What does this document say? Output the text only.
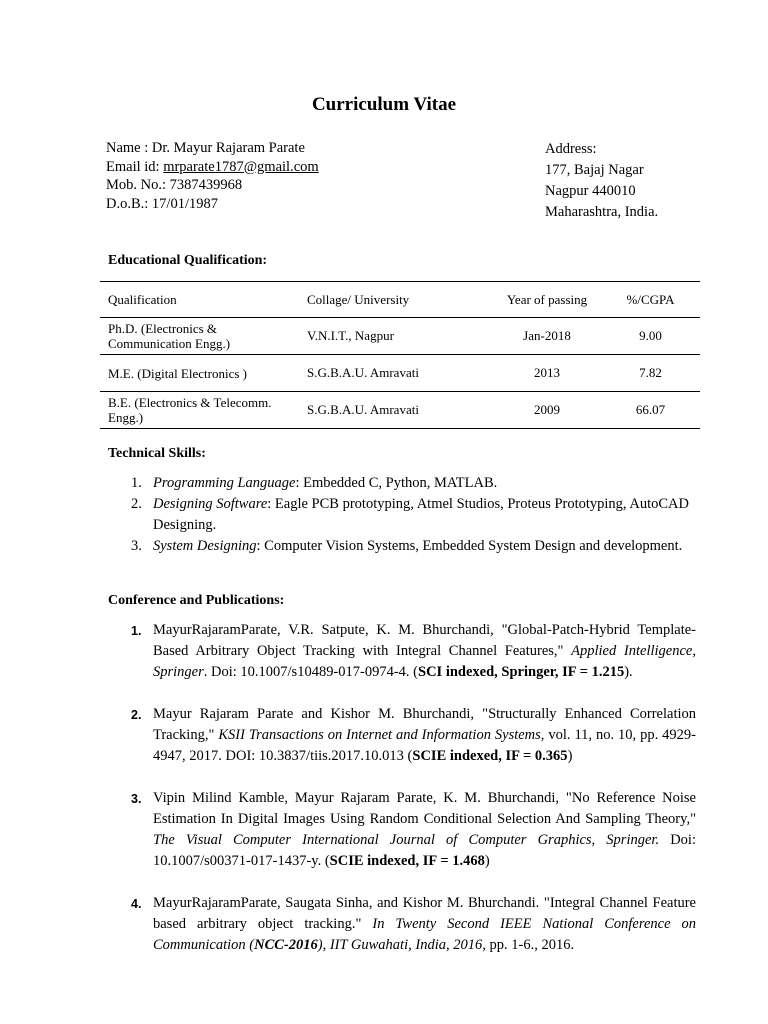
Curriculum Vitae
Name : Dr. Mayur Rajaram Parate
Email id: mrparate1787@gmail.com
Mob. No.: 7387439968
D.o.B.: 17/01/1987
Address:
177, Bajaj Nagar
Nagpur 440010
Maharashtra, India.
Educational Qualification:
Qualification	Collage/ University	Year of passing	%/CGPA

Ph.D. (Electronics & Communication Engg.)	V.N.I.T., Nagpur	Jan-2018	9.00

M.E. (Digital Electronics )	S.G.B.A.U. Amravati	2013	7.82

B.E. (Electronics & Telecomm. Engg.)	S.G.B.A.U. Amravati	2009	66.07
Technical Skills:
1. Programming Language: Embedded C, Python, MATLAB.
2. Designing Software: Eagle PCB prototyping, Atmel Studios, Proteus Prototyping, AutoCAD Designing.
3. System Designing: Computer Vision Systems, Embedded System Design and development.
Conference and Publications:
1. MayurRajaramParate, V.R. Satpute, K. M. Bhurchandi, "Global-Patch-Hybrid Template-Based Arbitrary Object Tracking with Integral Channel Features," Applied Intelligence, Springer. Doi: 10.1007/s10489-017-0974-4. (SCI indexed, Springer, IF = 1.215).
2. Mayur Rajaram Parate and Kishor M. Bhurchandi, "Structurally Enhanced Correlation Tracking," KSII Transactions on Internet and Information Systems, vol. 11, no. 10, pp. 4929-4947, 2017. DOI: 10.3837/tiis.2017.10.013 (SCIE indexed, IF = 0.365)
3. Vipin Milind Kamble, Mayur Rajaram Parate, K. M. Bhurchandi, "No Reference Noise Estimation In Digital Images Using Random Conditional Selection And Sampling Theory," The Visual Computer International Journal of Computer Graphics, Springer. Doi: 10.1007/s00371-017-1437-y. (SCIE indexed, IF = 1.468)
4. MayurRajaramParate, Saugata Sinha, and Kishor M. Bhurchandi. "Integral Channel Feature based arbitrary object tracking." In Twenty Second IEEE National Conference on Communication (NCC-2016), IIT Guwahati, India, 2016, pp. 1-6., 2016.
